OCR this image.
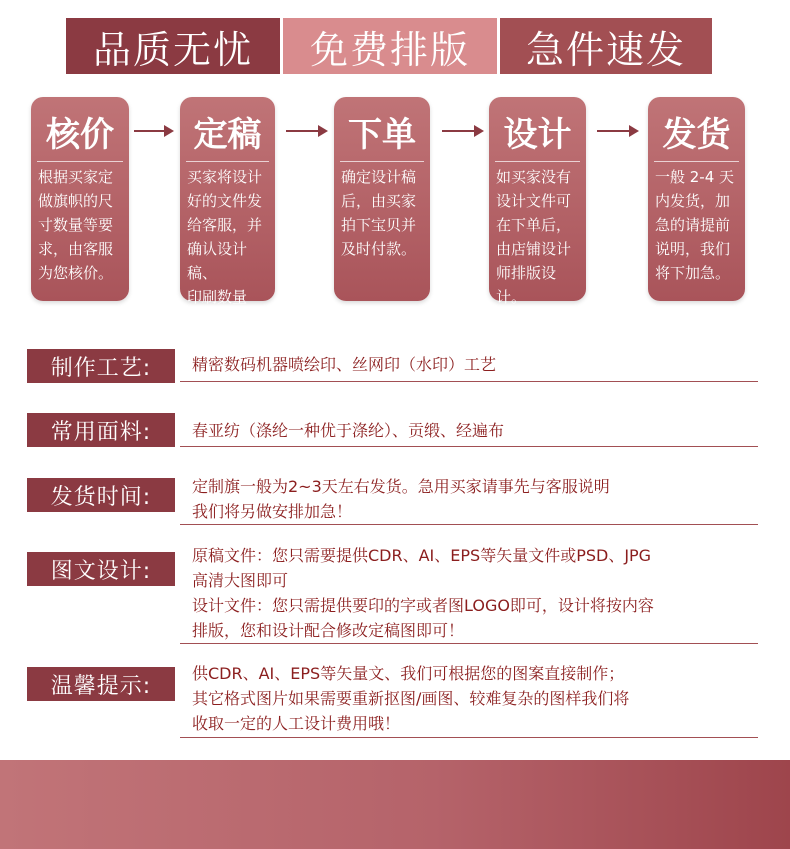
品质无忧	免费排版	急件速发
核价
根据买家定
做旗帜的尺
寸数量等要
求，由客服
为您核价。
定稿
买家将设计
好的文件发
给客服，并
确认设计稿、
印刷数量等。
下单
确定设计稿
后，由买家
拍下宝贝并
及时付款。
设计
如买家没有
设计文件可
在下单后，
由店铺设计
师排版设计。
发货
一般 2-4 天
内发货，加
急的请提前
说明，我们
将下加急。
制作工艺:	精密数码机器喷绘印、丝网印（水印）工艺

常用面料:	春亚纺（涤纶一种优于涤纶）、贡缎、经遍布

发货时间:	定制旗一般为2~3天左右发货。急用买家请事先与客服说明

我们将另做安排加急！

图文设计:

原稿文件：您只需要提供CDR、AI、EPS等矢量文件或PSD、JPG

高清大图即可

设计文件：您只需提供要印的字或者图LOGO即可，设计将按内容

排版，您和设计配合修改定稿图即可！

温馨提示:	供CDR、AI、EPS等矢量文、我们可根据您的图案直接制作；

其它格式图片如果需要重新抠图/画图、较难复杂的图样我们将

收取一定的人工设计费用哦！
